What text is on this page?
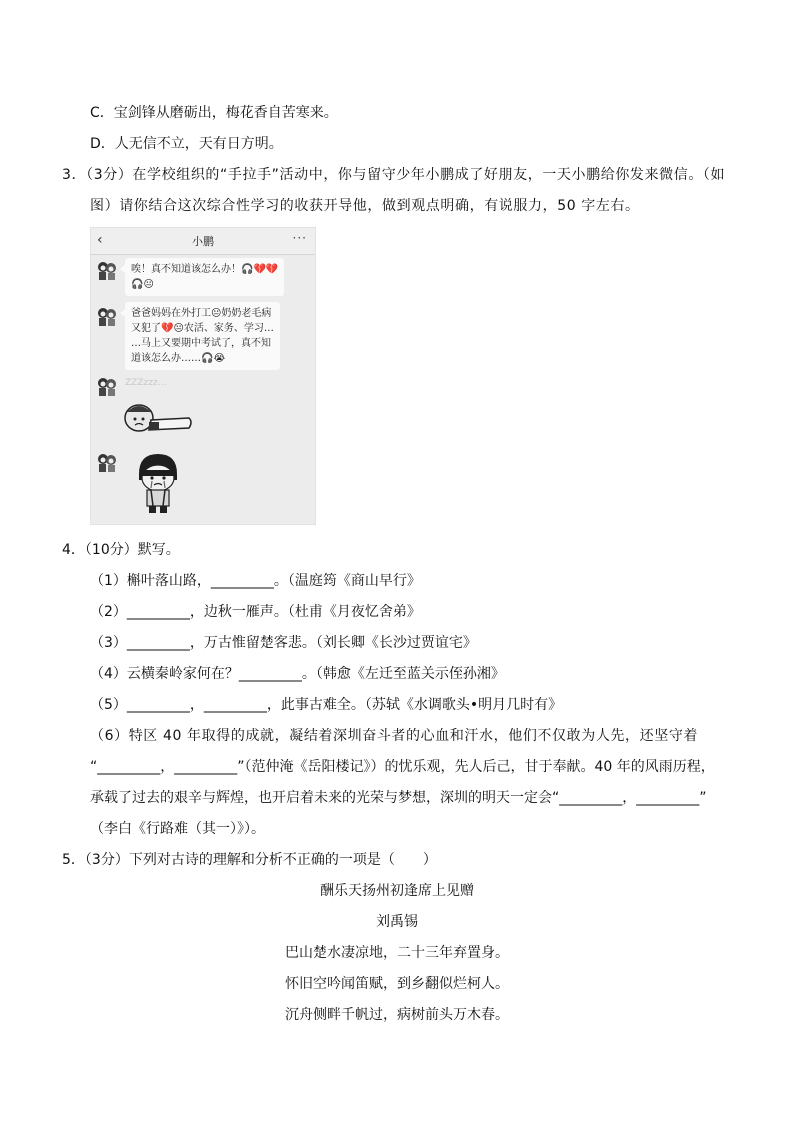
C．宝剑锋从磨砺出，梅花香自苦寒来。
D．人无信不立，天有日方明。
3．（3分）在学校组织的“手拉手”活动中，你与留守少年小鹏成了好朋友，一天小鹏给你发来微信。（如
图）请你结合这次综合性学习的收获开导他，做到观点明确，有说服力，50 字左右。
‹	小鹏	···
唉！真不知道该怎么办！🎧💔💔
🎧😐
爸爸妈妈在外打工😐奶奶老毛病
又犯了💔😐农活、家务、学习…
…马上又要期中考试了，真不知
道该怎么办……🎧😭
ZZZzzz…
4．（10分）默写。
（1）槲叶落山路，_________。（温庭筠《商山早行》
（2）_________，边秋一雁声。（杜甫《月夜忆舍弟》
（3）_________，万古惟留楚客悲。（刘长卿《长沙过贾谊宅》
（4）云横秦岭家何在？_________。（韩愈《左迁至蓝关示侄孙湘》
（5）_________，_________，此事古难全。（苏轼《水调歌头•明月几时有》
（6）特区 40 年取得的成就，凝结着深圳奋斗者的心血和汗水，他们不仅敢为人先，还坚守着
“_________，_________”（范仲淹《岳阳楼记》）的忧乐观，先人后己，甘于奉献。40 年的风雨历程，
承载了过去的艰辛与辉煌，也开启着未来的光荣与梦想，深圳的明天一定会“_________，_________”
（李白《行路难（其一）》）。
5．（3分）下列对古诗的理解和分析不正确的一项是（　　）
酬乐天扬州初逢席上见赠
刘禹锡
巴山楚水凄凉地，二十三年弃置身。
怀旧空吟闻笛赋，到乡翻似烂柯人。
沉舟侧畔千帆过，病树前头万木春。
